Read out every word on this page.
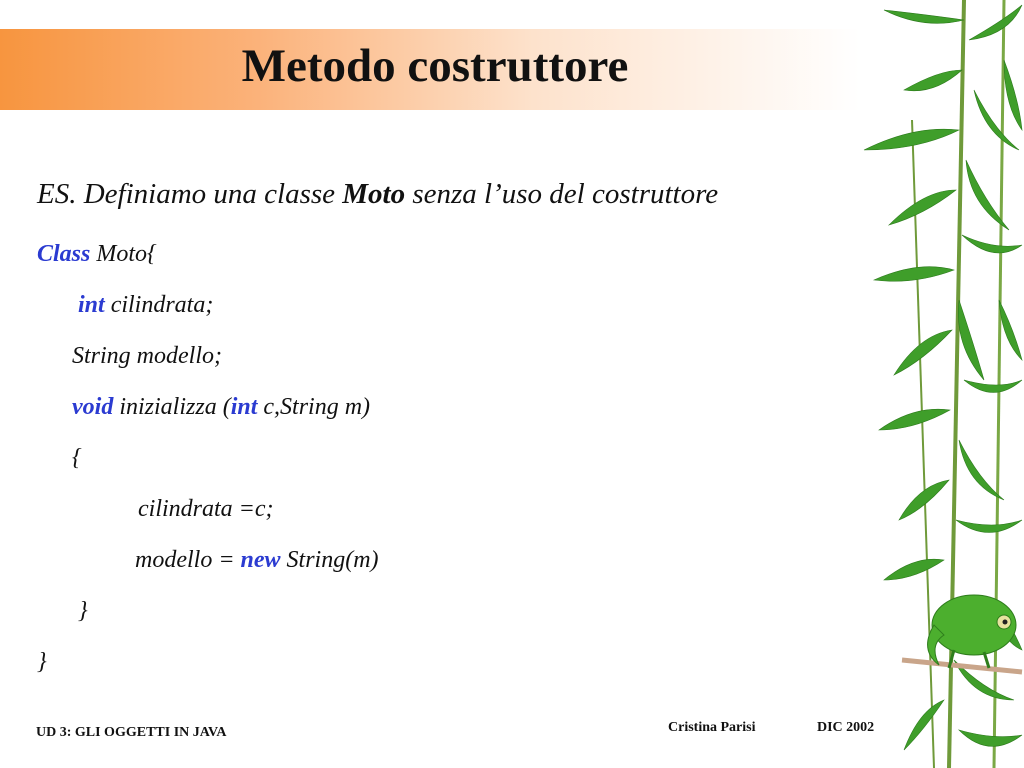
Metodo costruttore
ES. Definiamo una classe Moto senza l’uso del costruttore
Class Moto{
int cilindrata;
String modello;
void inizializza (int c,String m)
{
cilindrata =c;
modello = new String(m)
}
}
UD 3: GLI OGGETTI IN JAVA	Cristina Parisi	DIC 2002
